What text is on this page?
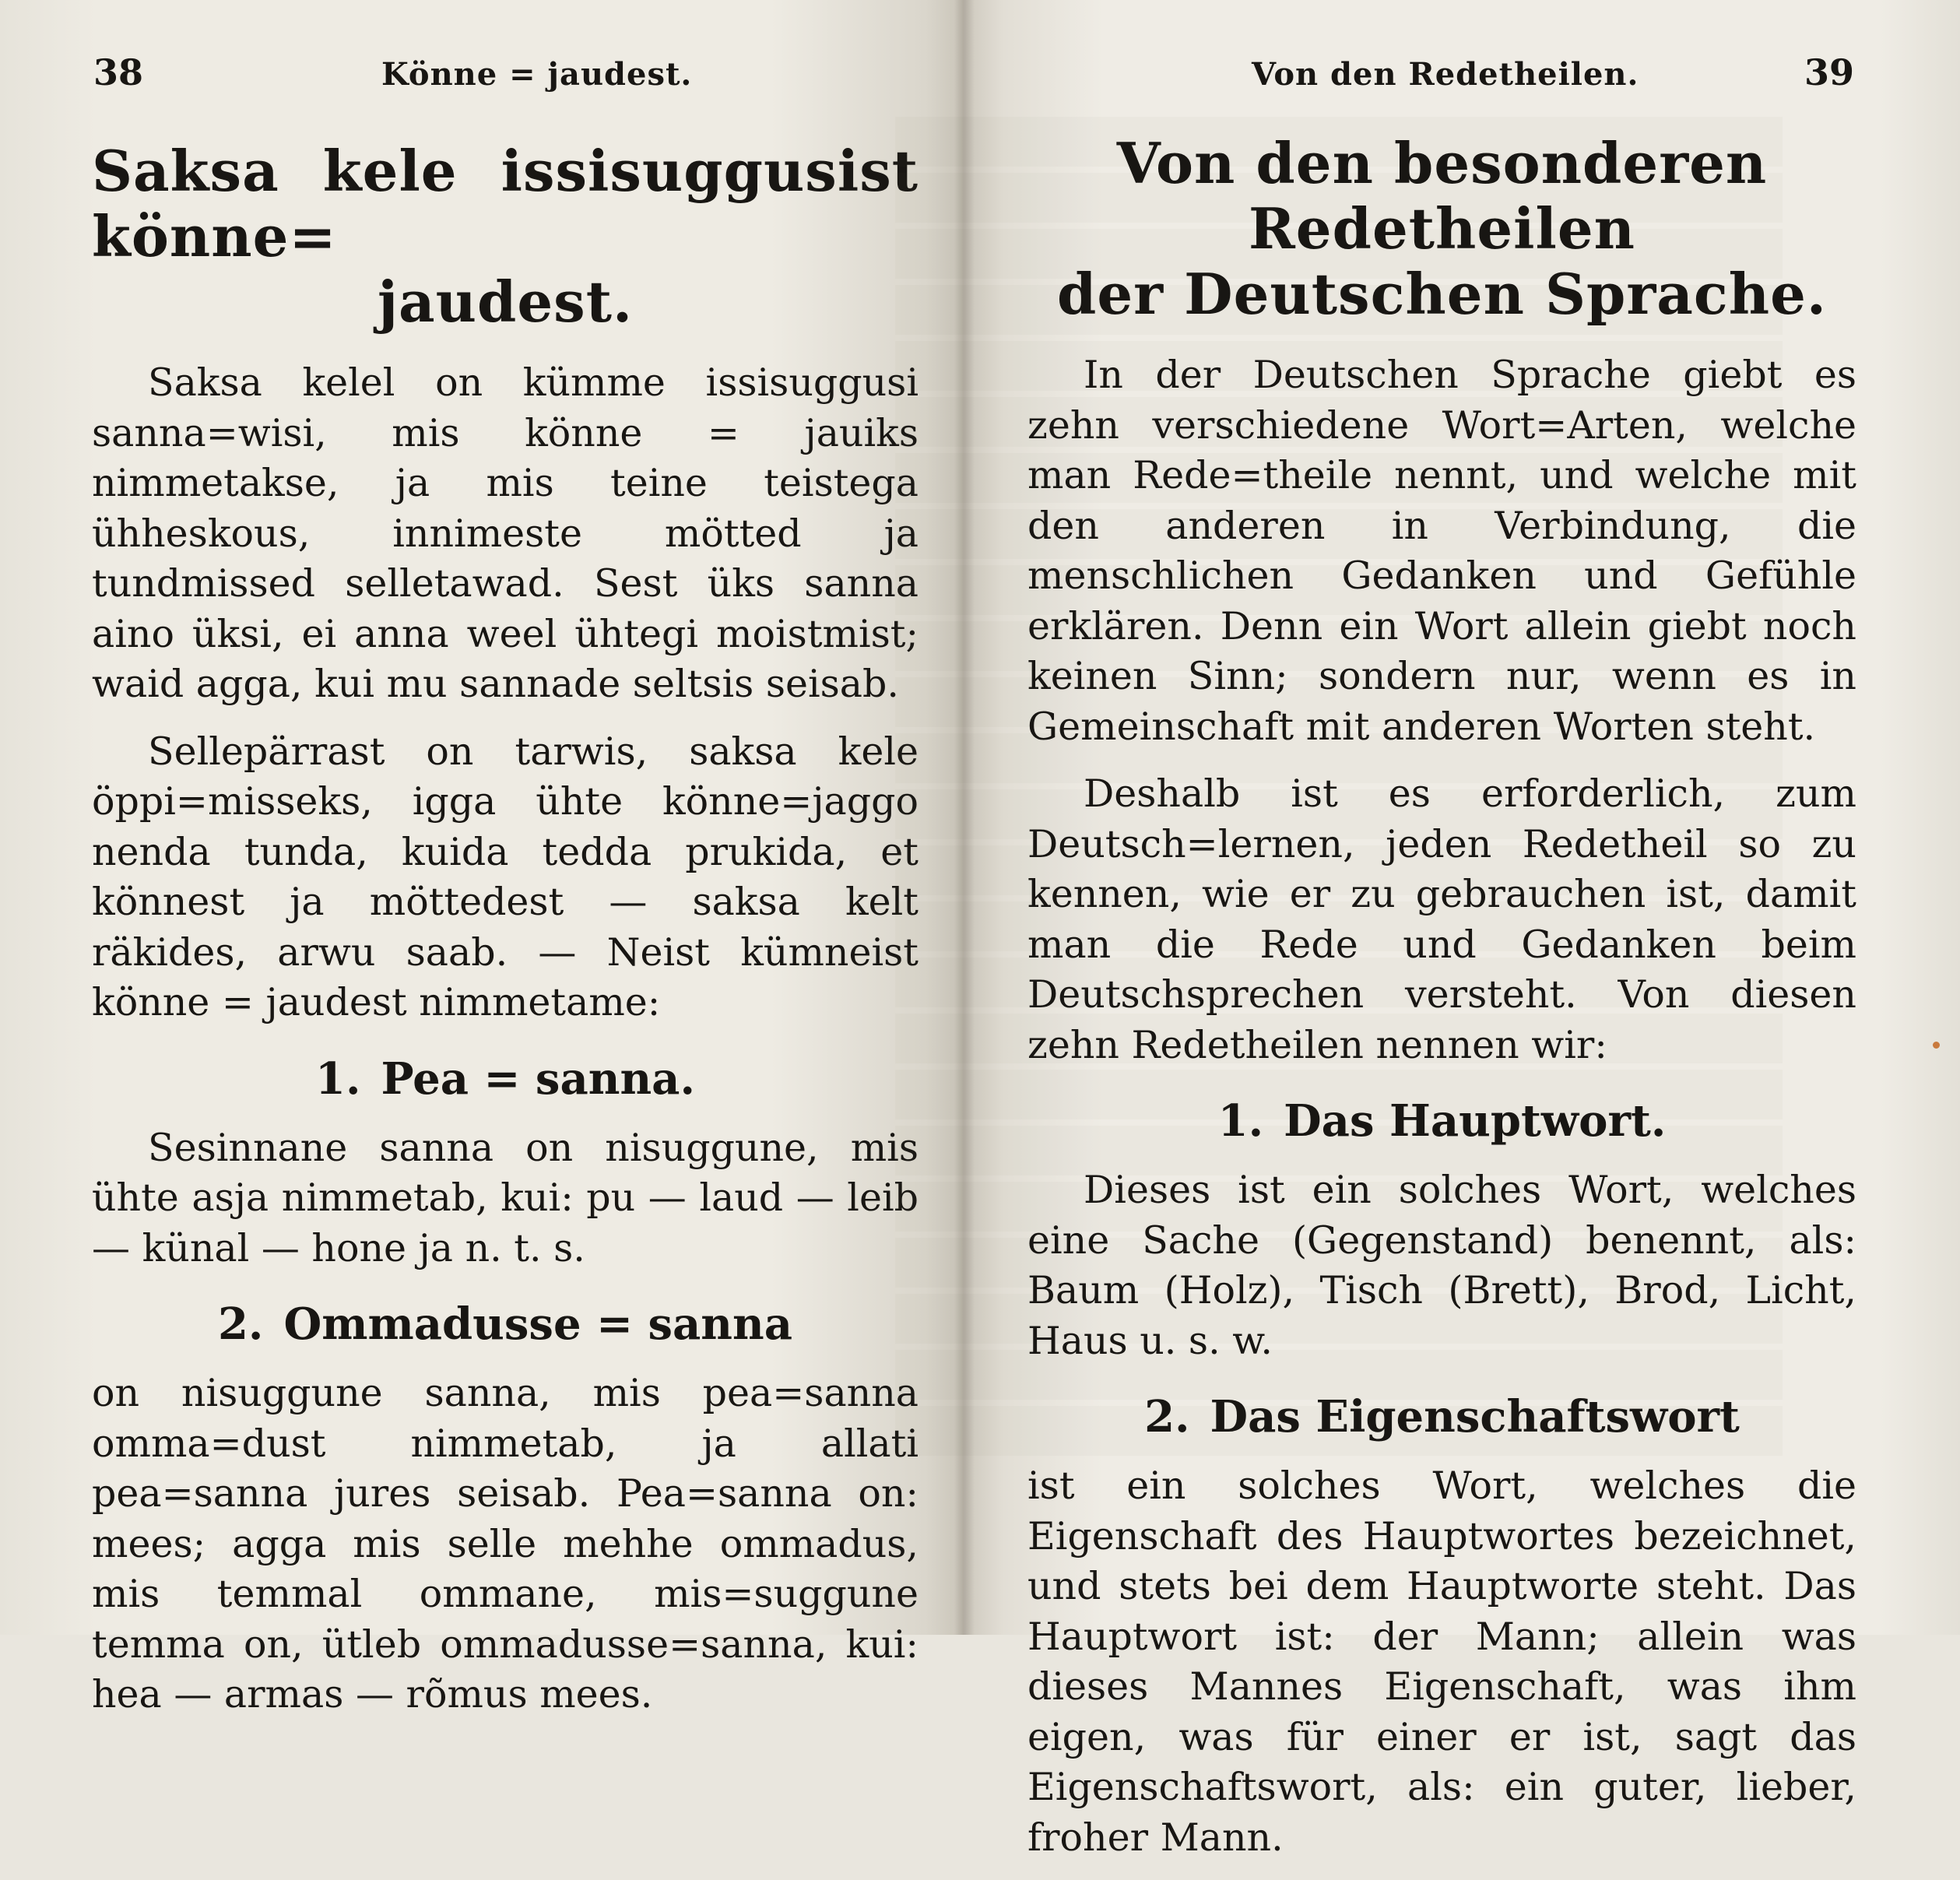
38	Könne = jaudest.
Saksa kele issisuggusist könne=
jaudest.

Saksa kelel on kümme issisuggusi sanna=wisi, mis könne = jauiks nimmetakse, ja mis teine teistega ühheskous, innimeste mötted ja tundmissed selletawad. Sest üks sanna aino üksi, ei anna weel ühtegi moistmist; waid agga, kui mu sannade seltsis seisab.

Sellepärrast on tarwis, saksa kele öppi=misseks, igga ühte könne=jaggo nenda tunda, kuida tedda prukida, et könnest ja möttedest — saksa kelt räkides, arwu saab. — Neist kümneist könne = jaudest nimmetame:

1. Pea = sanna.

Sesinnane sanna on nisuggune, mis ühte asja nimmetab, kui: pu — laud — leib — künal — hone ja n. t. s.

2. Ommadusse = sanna

on nisuggune sanna, mis pea=sanna omma=dust nimmetab, ja allati pea=sanna jures seisab. Pea=sanna on: mees; agga mis selle mehhe ommadus, mis temmal ommane, mis=suggune temma on, ütleb ommadusse=sanna, kui: hea — armas — rõmus mees.

Von den Redetheilen.	39
Von den besonderen Redetheilen
der Deutschen Sprache.

In der Deutschen Sprache giebt es zehn verschiedene Wort=Arten, welche man Rede=theile nennt, und welche mit den anderen in Verbindung, die menschlichen Gedanken und Gefühle erklären. Denn ein Wort allein giebt noch keinen Sinn; sondern nur, wenn es in Gemeinschaft mit anderen Worten steht.

Deshalb ist es erforderlich, zum Deutsch=lernen, jeden Redetheil so zu kennen, wie er zu gebrauchen ist, damit man die Rede und Gedanken beim Deutschsprechen versteht. Von diesen zehn Redetheilen nennen wir:

1. Das Hauptwort.

Dieses ist ein solches Wort, welches eine Sache (Gegenstand) benennt, als: Baum (Holz), Tisch (Brett), Brod, Licht, Haus u. s. w.

2. Das Eigenschaftswort

ist ein solches Wort, welches die Eigenschaft des Hauptwortes bezeichnet, und stets bei dem Hauptworte steht. Das Hauptwort ist: der Mann; allein was dieses Mannes Eigenschaft, was ihm eigen, was für einer er ist, sagt das Eigenschaftswort, als: ein guter, lieber, froher Mann.
